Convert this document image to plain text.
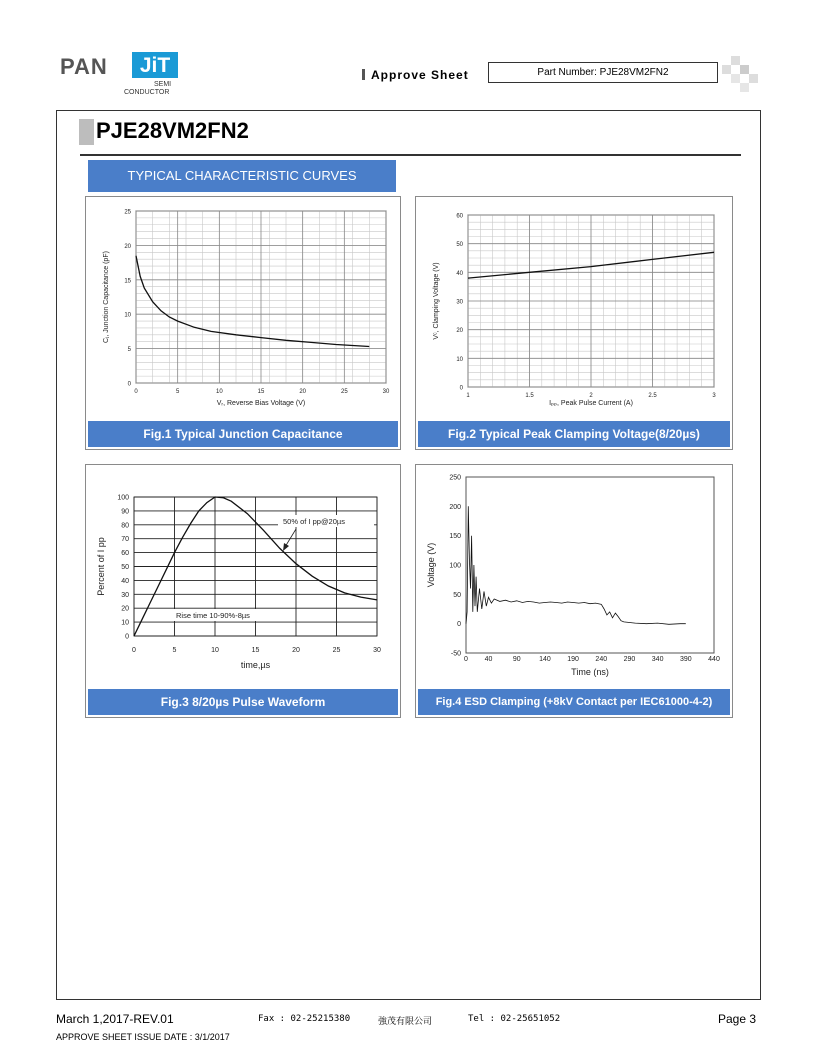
PAN	JiT
SEMI
CONDUCTOR
Approve Sheet	Part Number: PJE28VM2FN2
PJE28VM2FN2
TYPICAL CHARACTERISTIC CURVES
0	5	10	15	20	25	30
0
5
10
15
20
25
Vᵣ, Reverse Bias Voltage (V)
Cⱼ, Junction Capacitance (pF)
Fig.1 Typical Junction Capacitance
1	1.5	2	2.5	3
0
10
20
30
40
50
60
Iₚₚ, Peak Pulse Current (A)
Vᶜ, Clamping Voltage (V)
Fig.2 Typical Peak Clamping Voltage(8/20µs)
0	5	10	15	20	25	30
0
10
20
30
40
50
60
70
80
90
100
time,µs
Percent of I pp
50% of I pp@20µs
Rise time 10-90%-8µs
Fig.3 8/20µs Pulse Waveform
0 40	90	140 190 240 290 340 390 440
-50
0
50
100
150
200
250
Time (ns)
Voltage (V)
Fig.4 ESD Clamping (+8kV Contact per IEC61000-4-2)
March 1,2017-REV.01	Fax : 02-25215380	強茂有限公司	Tel : 02-25651052	Page 3
APPROVE SHEET ISSUE DATE : 3/1/2017
